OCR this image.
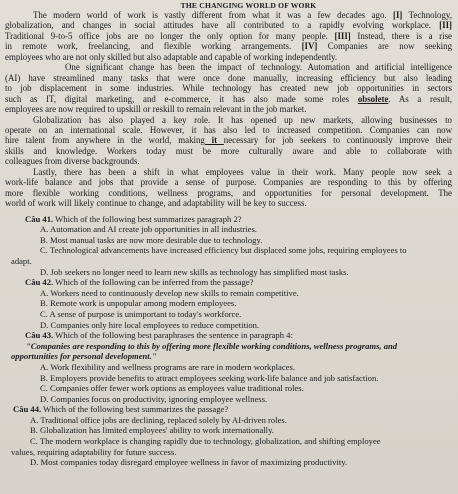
THE CHANGING WORLD OF WORK

The modern world of work is vastly different from what it was a few decades ago. [I] Technology,
globalization, and changes in social attitudes have all contributed to a rapidly evolving workplace. [II]
Traditional 9-to-5 office jobs are no longer the only option for many people. [III] Instead, there is a rise
in remote work, freelancing, and flexible working arrangements. [IV] Companies are now seeking
employees who are not only skilled but also adaptable and capable of working independently.

One significant change has been the impact of technology. Automation and artificial intelligence
(AI) have streamlined many tasks that were once done manually, increasing efficiency but also leading
to job displacement in some industries. While technology has created new job opportunities in sectors
such as IT, digital marketing, and e-commerce, it has also made some roles obsolete. As a result,
employees are now required to upskill or reskill to remain relevant in the job market.

Globalization has also played a key role. It has opened up new markets, allowing businesses to
operate on an international scale. However, it has also led to increased competition. Companies can now
hire talent from anywhere in the world, making it necessary for job seekers to continuously improve their
skills and knowledge. Workers today must be more culturally aware and able to collaborate with
colleagues from diverse backgrounds.

Lastly, there has been a shift in what employees value in their work. Many people now seek a
work-life balance and jobs that provide a sense of purpose. Companies are responding to this by offering
more flexible working conditions, wellness programs, and opportunities for personal development. The
world of work will likely continue to change, and adaptability will be key to success.

Câu 41. Which of the following best summarizes paragraph 2?
A. Automation and AI create job opportunities in all industries.
B. Most manual tasks are now more desirable due to technology.
C. Technological advancements have increased efficiency but displaced some jobs, requiring employees to
adapt.
D. Job seekers no longer need to learn new skills as technology has simplified most tasks.
Câu 42. Which of the following can be inferred from the passage?
A. Workers need to continuously develop new skills to remain competitive.
B. Remote work is unpopular among modern employees.
C. A sense of purpose is unimportant to today's workforce.
D. Companies only hire local employees to reduce competition.
Câu 43. Which of the following best paraphrases the sentence in paragraph 4:
"Companies are responding to this by offering more flexible working conditions, wellness programs, and
opportunities for personal development."
A. Work flexibility and wellness programs are rare in modern workplaces.
B. Employers provide benefits to attract employees seeking work-life balance and job satisfaction.
C. Companies offer fewer work options as employees value traditional roles.
D. Companies focus on productivity, ignoring employee wellness.
Câu 44. Which of the following best summarizes the passage?
A. Traditional office jobs are declining, replaced solely by AI-driven roles.
B. Globalization has limited employees' ability to work internationally.
C. The modern workplace is changing rapidly due to technology, globalization, and shifting employee
values, requiring adaptability for future success.
D. Most companies today disregard employee wellness in favor of maximizing productivity.
